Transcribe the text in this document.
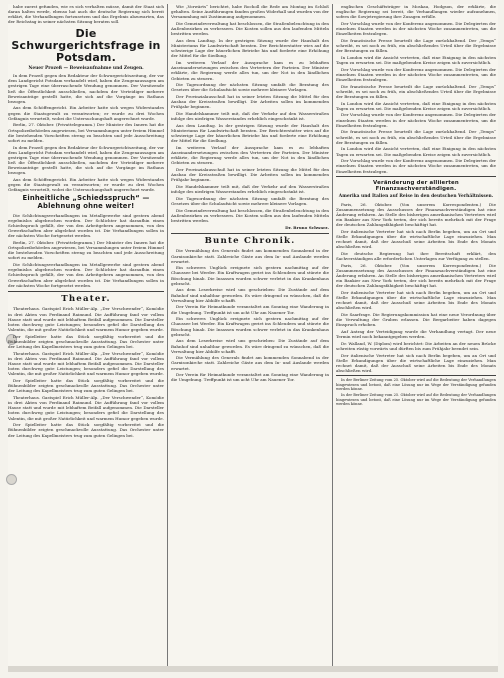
habe zuerst gefunden, wie es sich verhalten müsse, damit der Staat sich daran halten werde, ebenso hat auch die deutsche Regierung sich bereit erklärt, die Verhandlungen fortzusetzen und das Ergebnis abzuwarten, das der Reichstag in seiner nächsten Sitzung beraten soll.

Die Schwurgerichtsfrage in Potsdam.
Neuer Prozeß — Beweisaufnahme und Zeugen.

In dem Prozeß gegen den Redakteur der Schwurgerichtszeitung, der vor dem Landgericht Potsdam verhandelt wird, haben die Zeugenaussagen am gestrigen Tage eine überraschende Wendung genommen. Der Vorsitzende ließ die Öffentlichkeit ausschließen, nachdem der Verteidiger mehrere Beweisanträge gestellt hatte, die sich auf die Vorgänge im Rathaus bezogen.

Aus dem Schöffengericht. Ein Arbeiter hatte sich wegen Widerstandes gegen die Staatsgewalt zu verantworten; er wurde zu drei Wochen Gefängnis verurteilt, wobei die Untersuchungshaft angerechnet wurde.

Berlin, 27. Oktober. (Privattelegramm.) Der Minister des Innern hat die Ortspolizeibehörden angewiesen, bei Versammlungen unter freiem Himmel die bestehenden Vorschriften streng zu beachten und jede Ausschreitung sofort zu melden.

In dem Prozeß gegen den Redakteur der Schwurgerichtszeitung, der vor dem Landgericht Potsdam verhandelt wird, haben die Zeugenaussagen am gestrigen Tage eine überraschende Wendung genommen. Der Vorsitzende ließ die Öffentlichkeit ausschließen, nachdem der Verteidiger mehrere Beweisanträge gestellt hatte, die sich auf die Vorgänge im Rathaus bezogen.

Aus dem Schöffengericht. Ein Arbeiter hatte sich wegen Widerstandes gegen die Staatsgewalt zu verantworten; er wurde zu drei Wochen Gefängnis verurteilt, wobei die Untersuchungshaft angerechnet wurde.

Einheitliche „Schiedsspruch“ — Ablehnung ohne weiter!

Die Schlichtungsverhandlungen im Metallgewerbe sind gestern abend ergebnislos abgebrochen worden. Der Schlichter hat daraufhin einen Schiedsspruch gefällt, der von den Arbeitgebern angenommen, von den Gewerkschaften aber abgelehnt worden ist. Die Verhandlungen sollen in der nächsten Woche fortgesetzt werden.

Berlin, 27. Oktober. (Privattelegramm.) Der Minister des Innern hat die Ortspolizeibehörden angewiesen, bei Versammlungen unter freiem Himmel die bestehenden Vorschriften streng zu beachten und jede Ausschreitung sofort zu melden.

Die Schlichtungsverhandlungen im Metallgewerbe sind gestern abend ergebnislos abgebrochen worden. Der Schlichter hat daraufhin einen Schiedsspruch gefällt, der von den Arbeitgebern angenommen, von den Gewerkschaften aber abgelehnt worden ist. Die Verhandlungen sollen in der nächsten Woche fortgesetzt werden.

Theater.

Theaterhaus. Gastspiel Erich Müller-Alp. „Der Verschwender“, Komödie in drei Akten von Ferdinand Raimund. Die Aufführung fand vor vollem Hause statt und wurde mit lebhaftem Beifall aufgenommen. Die Darsteller boten durchweg gute Leistungen; besonders gefiel die Darstellung des Valentin, die mit großer Natürlichkeit und warmem Humor gegeben wurde.

Der Spielleiter hatte das Stück sorgfältig vorbereitet und die Bühnenbilder zeigten geschmackvolle Ausstattung. Das Orchester unter der Leitung des Kapellmeisters trug zum guten Gelingen bei.

Theaterhaus. Gastspiel Erich Müller-Alp. „Der Verschwender“, Komödie in drei Akten von Ferdinand Raimund. Die Aufführung fand vor vollem Hause statt und wurde mit lebhaftem Beifall aufgenommen. Die Darsteller boten durchweg gute Leistungen; besonders gefiel die Darstellung des Valentin, die mit großer Natürlichkeit und warmem Humor gegeben wurde.

Der Spielleiter hatte das Stück sorgfältig vorbereitet und die Bühnenbilder zeigten geschmackvolle Ausstattung. Das Orchester unter der Leitung des Kapellmeisters trug zum guten Gelingen bei.

Theaterhaus. Gastspiel Erich Müller-Alp. „Der Verschwender“, Komödie in drei Akten von Ferdinand Raimund. Die Aufführung fand vor vollem Hause statt und wurde mit lebhaftem Beifall aufgenommen. Die Darsteller boten durchweg gute Leistungen; besonders gefiel die Darstellung des Valentin, die mit großer Natürlichkeit und warmem Humor gegeben wurde.

Der Spielleiter hatte das Stück sorgfältig vorbereitet und die Bühnenbilder zeigten geschmackvolle Ausstattung. Das Orchester unter der Leitung des Kapellmeisters trug zum guten Gelingen bei.

Wie „Vorwärts“ berichtet, habe Rocholl die Rede am Montag im Schloß gehalten. Seine Ausführungen fanden großen Widerhall und wurden von der Versammlung mit Zustimmung aufgenommen.

Die Gemeindeverwaltung hat beschlossen, die Straßenbeleuchtung in den Außenbezirken zu verbessern. Die Kosten sollen aus den laufenden Mitteln bestritten werden.

Aus dem Landtag. In der gestrigen Sitzung wurde der Haushalt des Ministeriums für Landwirtschaft beraten. Der Berichterstatter wies auf die schwierige Lage der bäuerlichen Betriebe hin und forderte eine Erhöhung der Mittel für die Siedlung.

Im weiteren Verlauf der Aussprache kam es zu lebhaften Auseinandersetzungen zwischen den Vertretern der Parteien. Der Minister erklärte, die Regierung werde alles tun, um der Not in den ländlichen Gebieten zu steuern.

Die Tagesordnung der nächsten Sitzung umfaßt die Beratung des Gesetzes über die Schulaufsicht sowie mehrere kleinere Vorlagen.

Der Provinzialausschuß hat in seiner letzten Sitzung die Mittel für den Ausbau der Kreisstraßen bewilligt. Die Arbeiten sollen im kommenden Frühjahr beginnen.

Die Handelskammer teilt mit, daß der Verkehr auf den Wasserstraßen infolge des niedrigen Wasserstandes erheblich eingeschränkt ist.

Aus dem Landtag. In der gestrigen Sitzung wurde der Haushalt des Ministeriums für Landwirtschaft beraten. Der Berichterstatter wies auf die schwierige Lage der bäuerlichen Betriebe hin und forderte eine Erhöhung der Mittel für die Siedlung.

Im weiteren Verlauf der Aussprache kam es zu lebhaften Auseinandersetzungen zwischen den Vertretern der Parteien. Der Minister erklärte, die Regierung werde alles tun, um der Not in den ländlichen Gebieten zu steuern.

Der Provinzialausschuß hat in seiner letzten Sitzung die Mittel für den Ausbau der Kreisstraßen bewilligt. Die Arbeiten sollen im kommenden Frühjahr beginnen.

Die Handelskammer teilt mit, daß der Verkehr auf den Wasserstraßen infolge des niedrigen Wasserstandes erheblich eingeschränkt ist.

Die Tagesordnung der nächsten Sitzung umfaßt die Beratung des Gesetzes über die Schulaufsicht sowie mehrere kleinere Vorlagen.

Die Gemeindeverwaltung hat beschlossen, die Straßenbeleuchtung in den Außenbezirken zu verbessern. Die Kosten sollen aus den laufenden Mitteln bestritten werden.

Dr. Bruno Schwarz.
Bunte Chronik.

Die Vermählung des Generals findet am kommenden Sonnabend in der Garnisonkirche statt. Zahlreiche Gäste aus dem In- und Auslande werden erwartet.

Ein schweres Unglück ereignete sich gestern nachmittag auf der Chaussee bei Werder. Ein Kraftwagen geriet ins Schleudern und stürzte die Böschung hinab. Die Insassen wurden schwer verletzt in das Krankenhaus gebracht.

Aus dem Leserkreise wird uns geschrieben: Die Zustände auf dem Bahnhof sind unhaltbar geworden. Es wäre dringend zu wünschen, daß die Verwaltung hier Abhilfe schafft.

Der Verein für Heimatkunde veranstaltet am Sonntag eine Wanderung in die Umgebung. Treffpunkt ist um acht Uhr am Nauener Tor.

Ein schweres Unglück ereignete sich gestern nachmittag auf der Chaussee bei Werder. Ein Kraftwagen geriet ins Schleudern und stürzte die Böschung hinab. Die Insassen wurden schwer verletzt in das Krankenhaus gebracht.

Aus dem Leserkreise wird uns geschrieben: Die Zustände auf dem Bahnhof sind unhaltbar geworden. Es wäre dringend zu wünschen, daß die Verwaltung hier Abhilfe schafft.

Die Vermählung des Generals findet am kommenden Sonnabend in der Garnisonkirche statt. Zahlreiche Gäste aus dem In- und Auslande werden erwartet.

Der Verein für Heimatkunde veranstaltet am Sonntag eine Wanderung in die Umgebung. Treffpunkt ist um acht Uhr am Nauener Tor.

englischen Geschäftsträger in Moskau, Hodgson, der erklärte, die englische Regierung sei bereit, die Verhandlungen wieder aufzunehmen, sofern die Sowjetregierung ihre Zusagen erfülle.

Der Vorschlag wurde von der Konferenz angenommen. Die Delegierten der einzelnen Staaten werden in der nächsten Woche zusammentreten, um die Einzelheiten festzulegen.

Die französische Presse beurteilt die Lage zurückhaltend. Der „Temps“ schreibt, es sei noch zu früh, ein abschließendes Urteil über die Ergebnisse der Beratungen zu fällen.

In London wird die Ansicht vertreten, daß eine Einigung in den nächsten Tagen zu erwarten sei. Die maßgebenden Kreise zeigen sich zuversichtlich.

Der Vorschlag wurde von der Konferenz angenommen. Die Delegierten der einzelnen Staaten werden in der nächsten Woche zusammentreten, um die Einzelheiten festzulegen.

Die französische Presse beurteilt die Lage zurückhaltend. Der „Temps“ schreibt, es sei noch zu früh, ein abschließendes Urteil über die Ergebnisse der Beratungen zu fällen.

In London wird die Ansicht vertreten, daß eine Einigung in den nächsten Tagen zu erwarten sei. Die maßgebenden Kreise zeigen sich zuversichtlich.

Der Vorschlag wurde von der Konferenz angenommen. Die Delegierten der einzelnen Staaten werden in der nächsten Woche zusammentreten, um die Einzelheiten festzulegen.

Die französische Presse beurteilt die Lage zurückhaltend. Der „Temps“ schreibt, es sei noch zu früh, ein abschließendes Urteil über die Ergebnisse der Beratungen zu fällen.

In London wird die Ansicht vertreten, daß eine Einigung in den nächsten Tagen zu erwarten sei. Die maßgebenden Kreise zeigen sich zuversichtlich.

Der Vorschlag wurde von der Konferenz angenommen. Die Delegierten der einzelnen Staaten werden in der nächsten Woche zusammentreten, um die Einzelheiten festzulegen.

Veränderung der alliierten Finanzsachverständigen.
Amerika und Italien auf Reise in den deutschen Verhältnissen.

Paris, 26. Oktober. (Von unserem Korrespondenten.) Die Zusammensetzung des Ausschusses der Finanzsachverständigen hat eine Änderung erfahren. An Stelle des bisherigen amerikanischen Vertreters wird ein Bankier aus New York treten, der sich bereits mehrfach mit der Frage der deutschen Zahlungsfähigkeit beschäftigt hat.

Der italienische Vertreter hat sich nach Berlin begeben, um an Ort und Stelle Erkundigungen über die wirtschaftliche Lage einzuziehen. Man rechnet damit, daß der Ausschuß seine Arbeiten bis Ende des Monats abschließen wird.

Die deutsche Regierung hat ihre Bereitschaft erklärt, den Sachverständigen alle erforderlichen Unterlagen zur Verfügung zu stellen.

Paris, 26. Oktober. (Von unserem Korrespondenten.) Die Zusammensetzung des Ausschusses der Finanzsachverständigen hat eine Änderung erfahren. An Stelle des bisherigen amerikanischen Vertreters wird ein Bankier aus New York treten, der sich bereits mehrfach mit der Frage der deutschen Zahlungsfähigkeit beschäftigt hat.

Der italienische Vertreter hat sich nach Berlin begeben, um an Ort und Stelle Erkundigungen über die wirtschaftliche Lage einzuziehen. Man rechnet damit, daß der Ausschuß seine Arbeiten bis Ende des Monats abschließen wird.

Die Saarfrage. Die Regierungskommission hat eine neue Verordnung über die Verwaltung der Gruben erlassen. Die Bergarbeiter haben dagegen Einspruch erhoben.

Auf Antrag der Verteidigung wurde die Verhandlung vertagt. Der neue Termin wird noch bekanntgegeben werden.

Dr. Walland, W. (Diplom) wird berichtet: Die Arbeiten an der neuen Brücke schreiten rüstig vorwärts und dürften bis zum Frühjahr beendet sein.

Der italienische Vertreter hat sich nach Berlin begeben, um an Ort und Stelle Erkundigungen über die wirtschaftliche Lage einzuziehen. Man rechnet damit, daß der Ausschuß seine Arbeiten bis Ende des Monats abschließen wird.

In der Berliner Zeitung vom 25. Oktober wird auf die Bedeutung der Verhandlungen hingewiesen und betont, daß eine Lösung nur im Wege der Verständigung gefunden werden könne.

In der Berliner Zeitung vom 25. Oktober wird auf die Bedeutung der Verhandlungen hingewiesen und betont, daß eine Lösung nur im Wege der Verständigung gefunden werden könne.
